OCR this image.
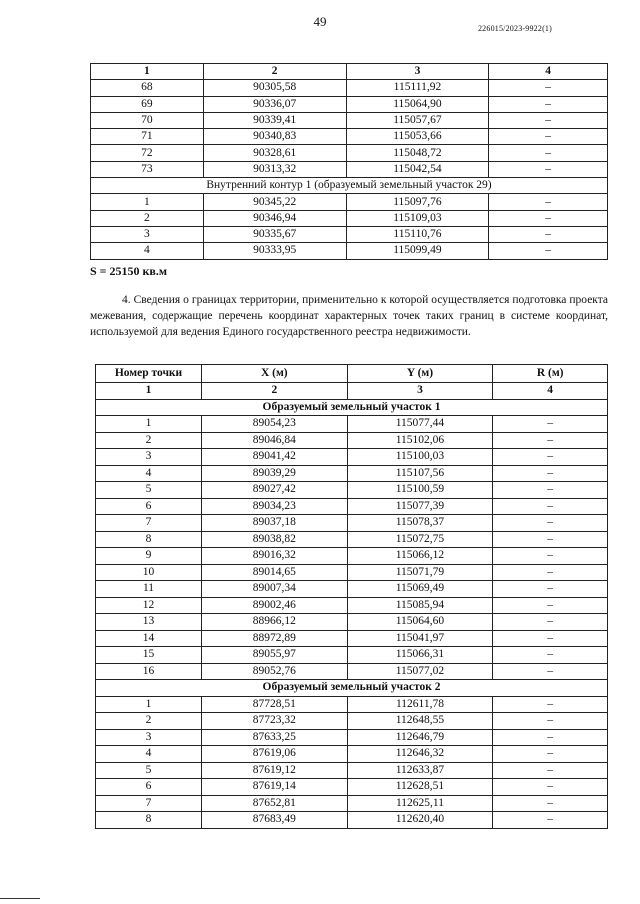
49	226015/2023-9922(1)
1	2	3	4
68	90305,58	115111,92	–
69	90336,07	115064,90	–
70	90339,41	115057,67	–
71	90340,83	115053,66	–
72	90328,61	115048,72	–
73	90313,32	115042,54	–
Внутренний контур 1 (образуемый земельный участок 29)			
1	90345,22	115097,76	–
2	90346,94	115109,03	–
3	90335,67	115110,76	–
4	90333,95	115099,49	–
S = 25150 кв.м
4. Сведения о границах территории, применительно к которой осуществляется подготовка проекта межевания, содержащие перечень координат характерных точек таких границ в системе координат, используемой для ведения Единого государственного реестра недвижимости.
Номер точки	X (м)	Y (м)	R (м)
1	2	3	4
Образуемый земельный участок 1			
1	89054,23	115077,44	–
2	89046,84	115102,06	–
3	89041,42	115100,03	–
4	89039,29	115107,56	–
5	89027,42	115100,59	–
6	89034,23	115077,39	–
7	89037,18	115078,37	–
8	89038,82	115072,75	–
9	89016,32	115066,12	–
10	89014,65	115071,79	–
11	89007,34	115069,49	–
12	89002,46	115085,94	–
13	88966,12	115064,60	–
14	88972,89	115041,97	–
15	89055,97	115066,31	–
16	89052,76	115077,02	–
Образуемый земельный участок 2			
1	87728,51	112611,78	–
2	87723,32	112648,55	–
3	87633,25	112646,79	–
4	87619,06	112646,32	–
5	87619,12	112633,87	–
6	87619,14	112628,51	–
7	87652,81	112625,11	–
8	87683,49	112620,40	–
